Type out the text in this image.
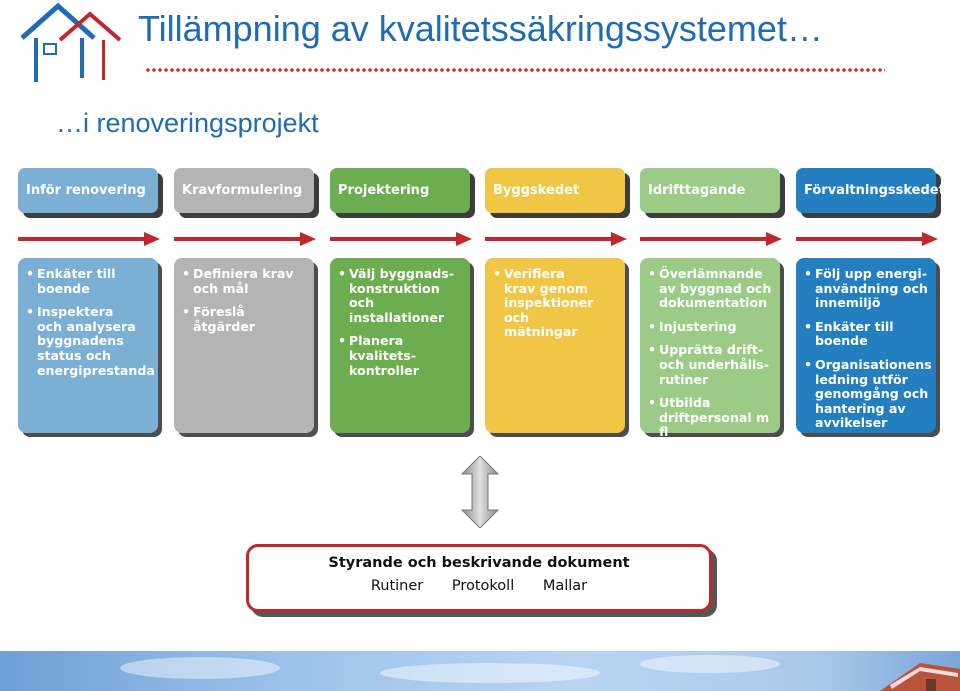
Tillämpning av kvalitetssäkringssystemet…
…i renoveringsprojekt
Inför renovering	Kravformulering	Projektering	Byggskedet	Idrifttagande	Förvaltningsskedet
• Enkäter till
boende
• Inspektera
och analysera
byggnadens
status och
energiprestanda
• Definiera krav
och mål
• Föreslå åtgärder
• Välj byggnads-
konstruktion och
installationer
• Planera kvalitets-
kontroller
• Verifiera
krav genom
inspektioner och
mätningar
• Överlämnande
av byggnad och
dokumentation
• Injustering
• Upprätta drift-
och underhålls-
rutiner
• Utbilda
driftpersonal m fl
• Följ upp energi-
användning och
innemiljö
• Enkäter till
boende
• Organisationens
ledning utför
genomgång och
hantering av
avvikelser
Styrande och beskrivande dokument
Rutiner Protokoll Mallar
